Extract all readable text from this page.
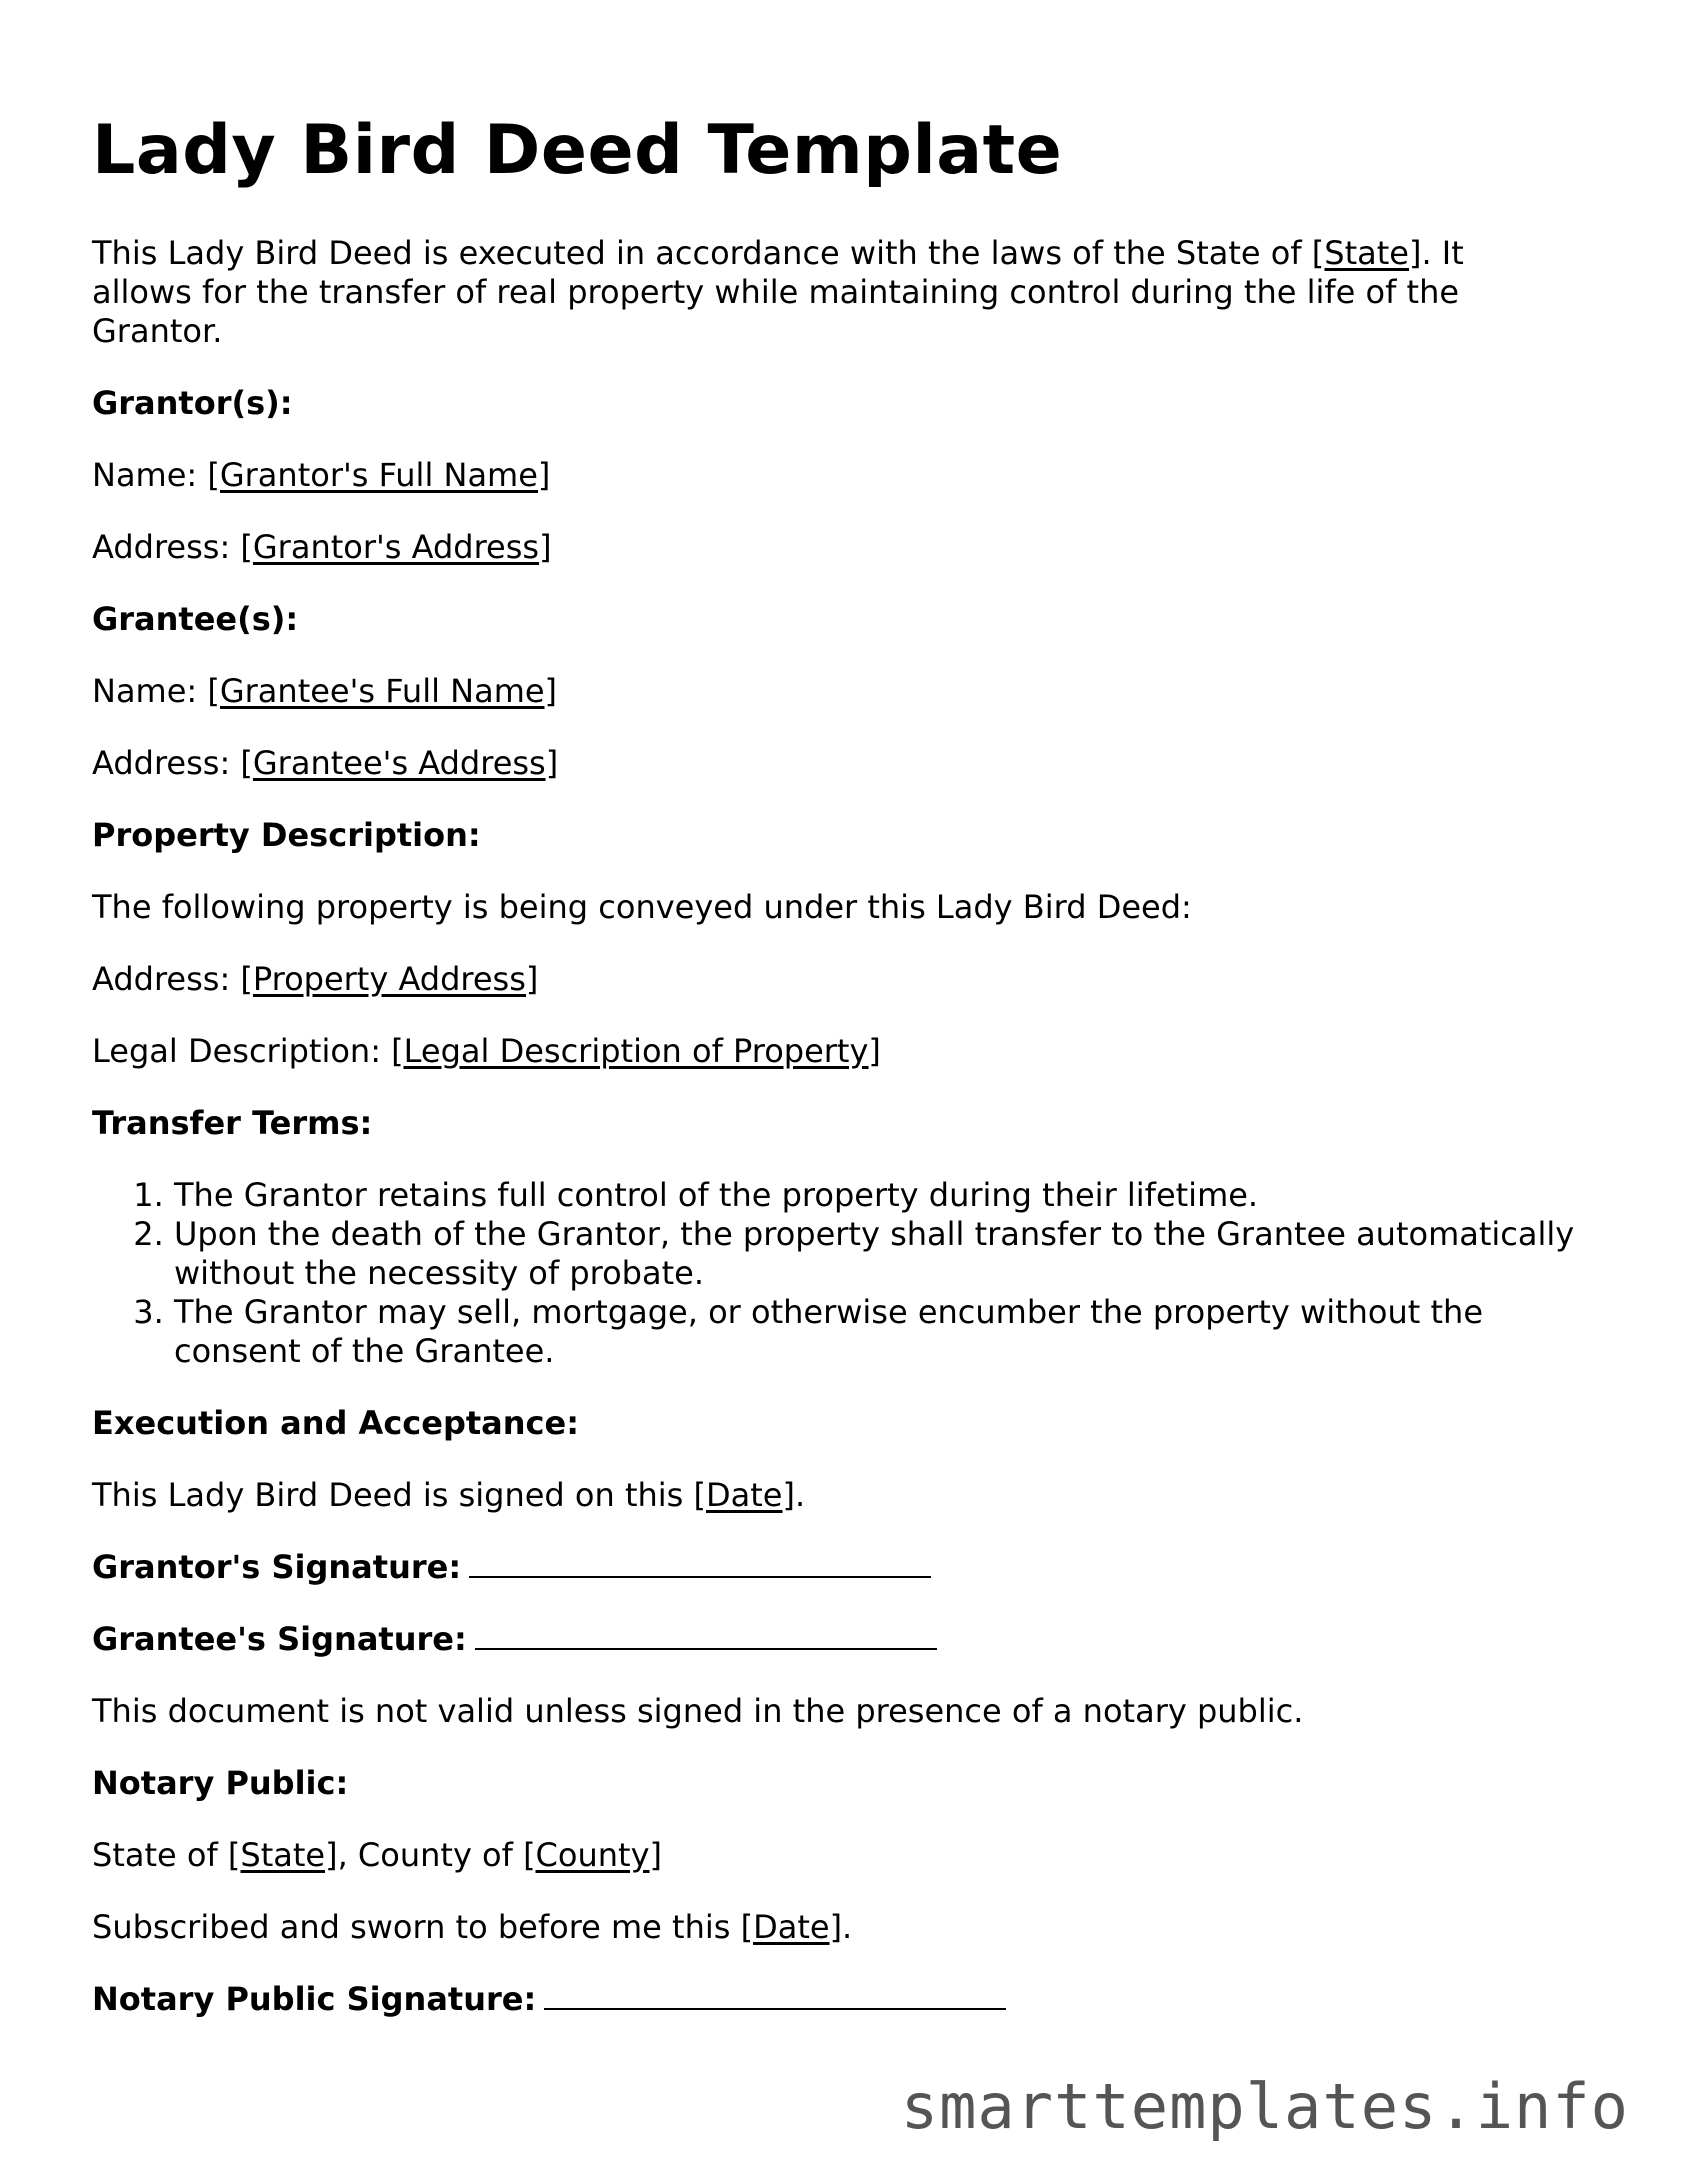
Lady Bird Deed Template

This Lady Bird Deed is executed in accordance with the laws of the State of [State]. It allows for the transfer of real property while maintaining control during the life of the Grantor.

Grantor(s):

Name: [Grantor's Full Name]

Address: [Grantor's Address]

Grantee(s):

Name: [Grantee's Full Name]

Address: [Grantee's Address]

Property Description:

The following property is being conveyed under this Lady Bird Deed:

Address: [Property Address]

Legal Description: [Legal Description of Property]

Transfer Terms:

1. The Grantor retains full control of the property during their lifetime.
2. Upon the death of the Grantor, the property shall transfer to the Grantee automatically without the necessity of probate.
3. The Grantor may sell, mortgage, or otherwise encumber the property without the consent of the Grantee.

Execution and Acceptance:

This Lady Bird Deed is signed on this [Date].

Grantor's Signature:

Grantee's Signature:

This document is not valid unless signed in the presence of a notary public.

Notary Public:

State of [State], County of [County]

Subscribed and sworn to before me this [Date].

Notary Public Signature:

smarttemplates.info
